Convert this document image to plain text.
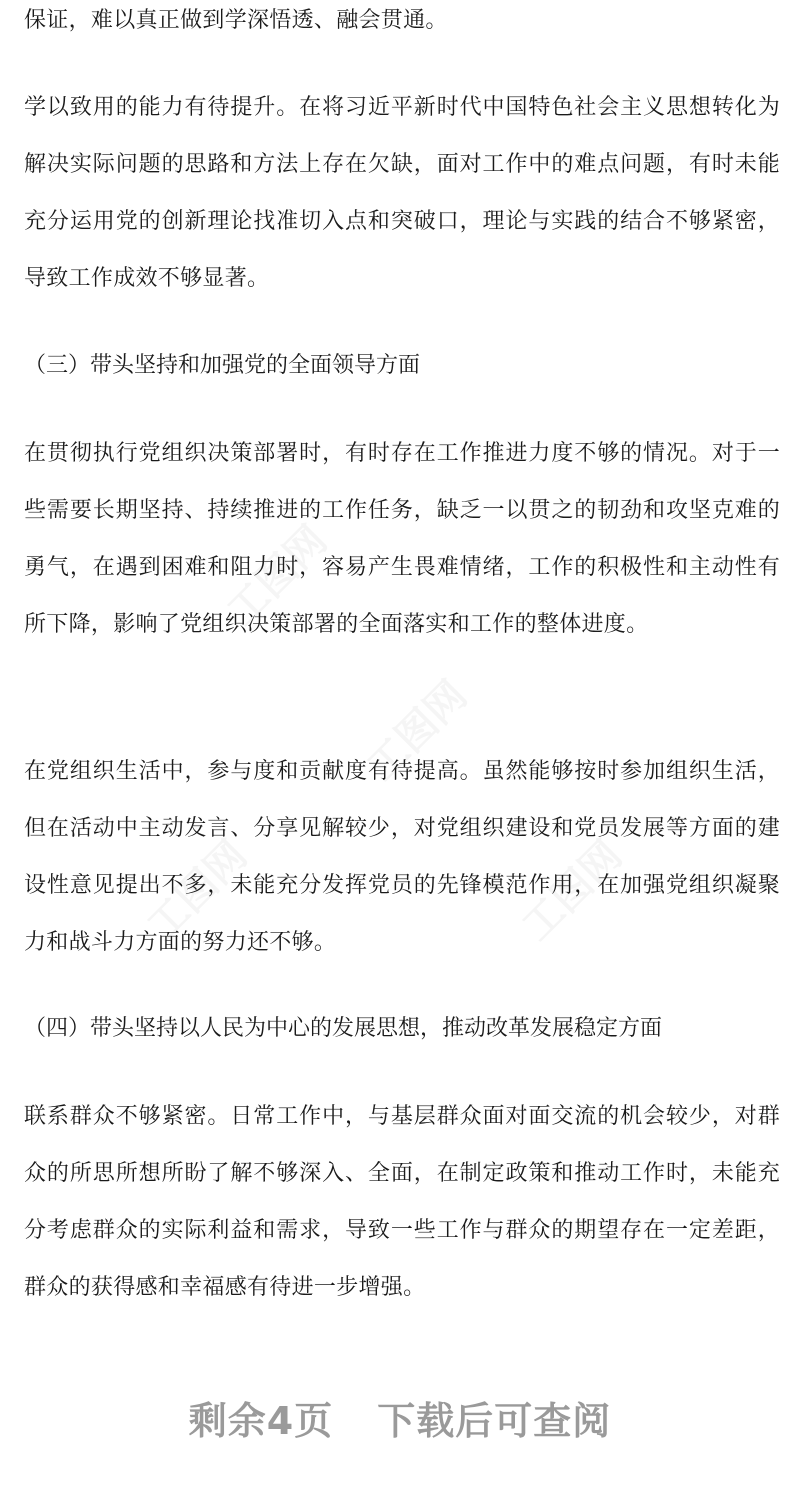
工图网
工图网
工图网	工图网

保证，难以真正做到学深悟透、融会贯通。

学以致用的能力有待提升。在将习近平新时代中国特色社会主义思想转化为解决实际问题的思路和方法上存在欠缺，面对工作中的难点问题，有时未能充分运用党的创新理论找准切入点和突破口，理论与实践的结合不够紧密，导致工作成效不够显著。

（三）带头坚持和加强党的全面领导方面

在贯彻执行党组织决策部署时，有时存在工作推进力度不够的情况。对于一些需要长期坚持、持续推进的工作任务，缺乏一以贯之的韧劲和攻坚克难的勇气，在遇到困难和阻力时，容易产生畏难情绪，工作的积极性和主动性有所下降，影响了党组织决策部署的全面落实和工作的整体进度。

在党组织生活中，参与度和贡献度有待提高。虽然能够按时参加组织生活，但在活动中主动发言、分享见解较少，对党组织建设和党员发展等方面的建设性意见提出不多，未能充分发挥党员的先锋模范作用，在加强党组织凝聚力和战斗力方面的努力还不够。

（四）带头坚持以人民为中心的发展思想，推动改革发展稳定方面

联系群众不够紧密。日常工作中，与基层群众面对面交流的机会较少，对群众的所思所想所盼了解不够深入、全面，在制定政策和推动工作时，未能充分考虑群众的实际利益和需求，导致一些工作与群众的期望存在一定差距，群众的获得感和幸福感有待进一步增强。

剩余4页 下载后可查阅
